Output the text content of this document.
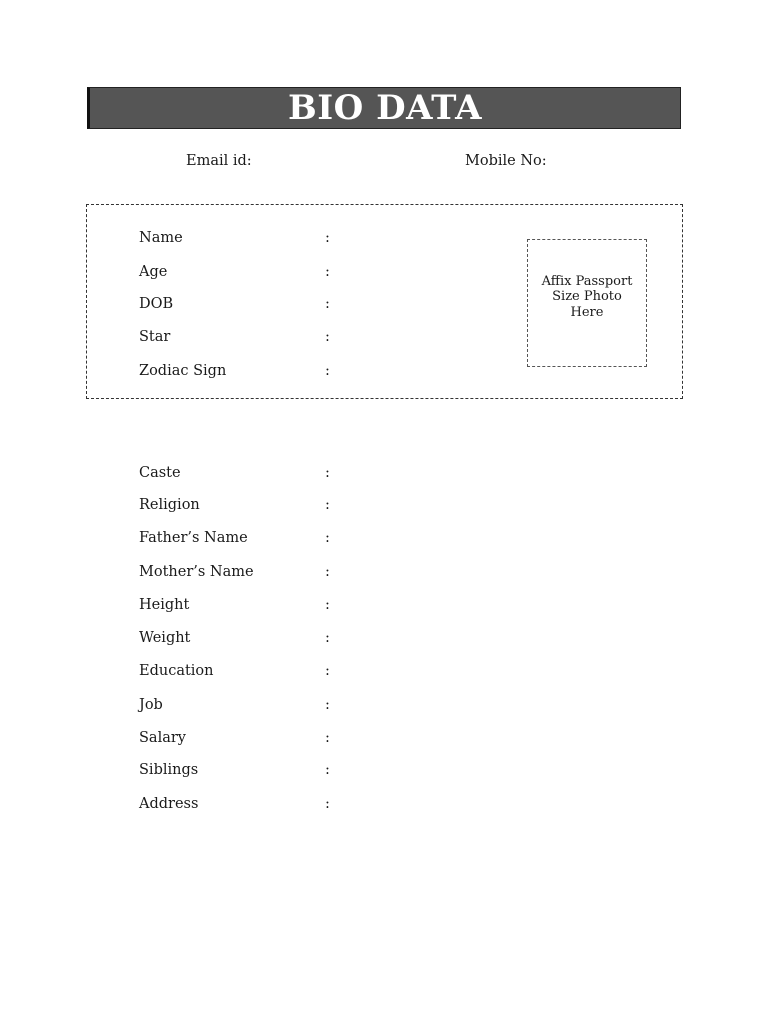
BIO DATA
Email id:	Mobile No:
Affix Passport Size Photo Here
Name	:
Age	:
DOB	:
Star	:
Zodiac Sign	:
Caste	:
Religion	:
Father’s Name	:
Mother’s Name	:
Height	:
Weight	:
Education	:
Job	:
Salary	:
Siblings	:
Address	:
